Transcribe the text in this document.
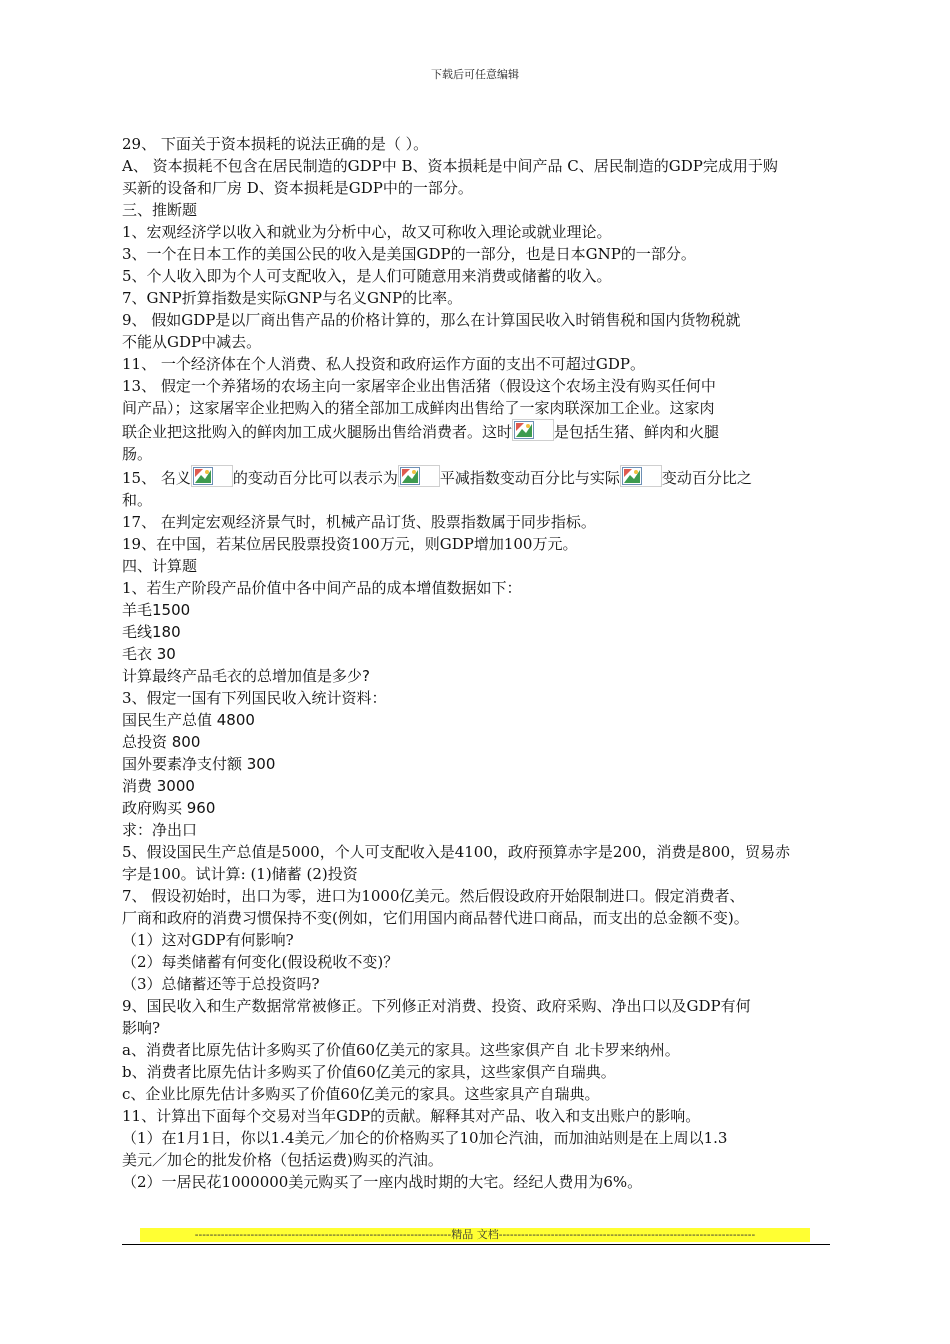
下载后可任意编辑
29、 下面关于资本损耗的说法正确的是（ ）。
A、 资本损耗不包含在居民制造的GDP中 B、资本损耗是中间产品 C、居民制造的GDP完成用于购
买新的设备和厂房 D、资本损耗是GDP中的一部分。
三、推断题
1、宏观经济学以收入和就业为分析中心，故又可称收入理论或就业理论。
3、一个在日本工作的美国公民的收入是美国GDP的一部分，也是日本GNP的一部分。
5、个人收入即为个人可支配收入，是人们可随意用来消费或储蓄的收入。
7、GNP折算指数是实际GNP与名义GNP的比率。
9、 假如GDP是以厂商出售产品的价格计算的，那么在计算国民收入时销售税和国内货物税就
不能从GDP中减去。
11、 一个经济体在个人消费、私人投资和政府运作方面的支出不可超过GDP。
13、 假定一个养猪场的农场主向一家屠宰企业出售活猪（假设这个农场主没有购买任何中
间产品）；这家屠宰企业把购入的猪全部加工成鲜肉出售给了一家肉联深加工企业。这家肉
联企业把这批购入的鲜肉加工成火腿肠出售给消费者。这时	是包括生猪、鲜肉和火腿
肠。
15、 名义	的变动百分比可以表示为	平减指数变动百分比与实际	变动百分比之
和。
17、 在判定宏观经济景气时，机械产品订货、股票指数属于同步指标。
19、在中国，若某位居民股票投资100万元，则GDP增加100万元。
四、计算题
1、若生产阶段产品价值中各中间产品的成本增值数据如下：
羊毛1500
毛线180
毛衣 30
计算最终产品毛衣的总增加值是多少?
3、假定一国有下列国民收入统计资料：
国民生产总值 4800
总投资 800
国外要素净支付额 300
消费 3000
政府购买 960
求：净出口
5、假设国民生产总值是5000，个人可支配收入是4100，政府预算赤字是200，消费是800，贸易赤
字是100。试计算: (1)储蓄 (2)投资
7、 假设初始时，出口为零，进口为1000亿美元。然后假设政府开始限制进口。假定消费者、
厂商和政府的消费习惯保持不变(例如，它们用国内商品替代进口商品，而支出的总金额不变)。
（1）这对GDP有何影响?
（2）每类储蓄有何变化(假设税收不变)？
（3）总储蓄还等于总投资吗?
9、国民收入和生产数据常常被修正。下列修正对消费、投资、政府采购、净出口以及GDP有何
影响?
a、消费者比原先估计多购买了价值60亿美元的家具。这些家俱产自 北卡罗来纳州。
b、消费者比原先估计多购买了价值60亿美元的家具，这些家俱产自瑞典。
c、企业比原先估计多购买了价值60亿美元的家具。这些家具产自瑞典。
11、计算出下面每个交易对当年GDP的贡献。解释其对产品、收入和支出账户的影响。
（1）在1月1日，你以1.4美元／加仑的价格购买了10加仑汽油，而加油站则是在上周以1.3
美元／加仑的批发价格（包括运费)购买的汽油。
（2）一居民花1000000美元购买了一座内战时期的大宅。经纪人费用为6%。
---------------------------------------------------------------------精品 文档---------------------------------------------------------------------
